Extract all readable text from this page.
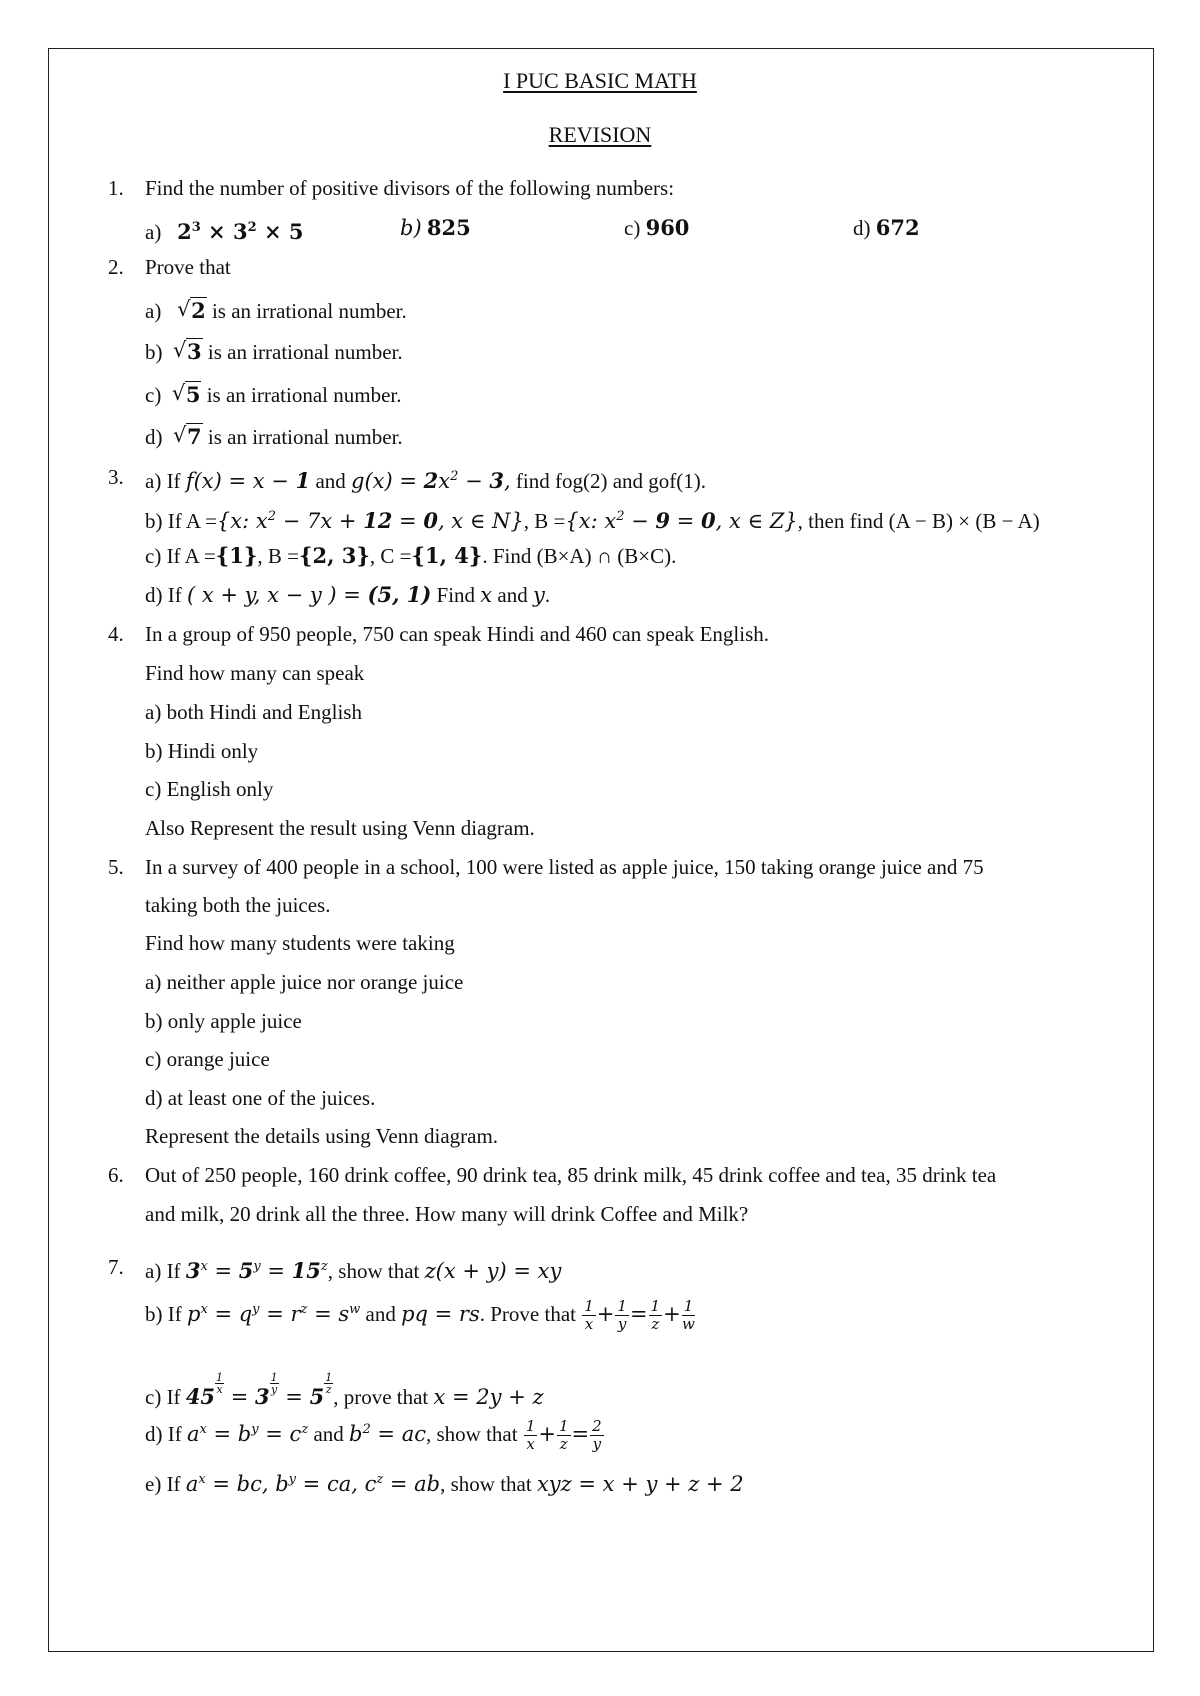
I PUC BASIC MATH
REVISION
1. Find the number of positive divisors of the following numbers:
a) $2^3 \times 3^2 \times 5$	b) 825	c) 960	d) 672
2. Prove that
a) √ 2 is an irrational number.
b) √ 3 is an irrational number.
c) √ 5 is an irrational number.
d) √ 7 is an irrational number.
3. a) If f(x) = x − 1 and $g(x) = 2x^2 - 3$, find fog(2) and gof(1).
b) If A ={x: $x^2 - 7x + 12 = 0$, x ∈ N}, B ={x: $x^2 - 9 = 0$, x ∈ Z}, then find (A − B) × (B − A)
c) If A ={1}, B ={2, 3}, C ={1, 4}. Find (B×A) ∩ (B×C).
d) If ( x + y, x − y ) = (5, 1) Find x and y.
4. In a group of 950 people, 750 can speak Hindi and 460 can speak English.
Find how many can speak
a) both Hindi and English
b) Hindi only
c) English only
Also Represent the result using Venn diagram.
5. In a survey of 400 people in a school, 100 were listed as apple juice, 150 taking orange juice and 75
taking both the juices.
Find how many students were taking
a) neither apple juice nor orange juice
b) only apple juice
c) orange juice
d) at least one of the juices.
Represent the details using Venn diagram.
6. Out of 250 people, 160 drink coffee, 90 drink tea, 85 drink milk, 45 drink coffee and tea, 35 drink tea
and milk, 20 drink all the three. How many will drink Coffee and Milk?
7. a) If $3^x = 5^y = 15^z$, show that z(x + y) = xy
b) If $p^x = q^y = r^z = s^w$ and pq = rs. Prove that $\frac{1}{x} + \frac{1}{y} = \frac{1}{z} + \frac{1}{w}$
c) If 45
$\frac{1}{x}$
= 3
$\frac{1}{y}$
= 5
$\frac{1}{z}$
, prove that x = 2y + z
d) If $a^x = b^y = c^z$ and $b^2$ = ac, show that $\frac{1}{x} + \frac{1}{z} = \frac{2}{y}$
e) If $a^x$ = bc, $b^y$ = ca, $c^z$ = ab, show that xyz = x + y + z + 2
